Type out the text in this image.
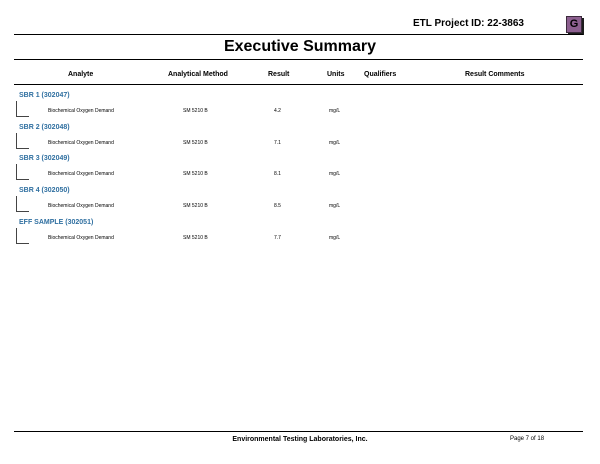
ETL Project ID: 22-3863	G
Executive Summary
Analyte	Analytical Method	Result	Units	Qualifiers	Result Comments
SBR 1 (302047)
Biochemical Oxygen Demand	SM 5210 B	4.2	mg/L
SBR 2 (302048)
Biochemical Oxygen Demand	SM 5210 B	7.1	mg/L
SBR 3 (302049)
Biochemical Oxygen Demand	SM 5210 B	8.1	mg/L
SBR 4 (302050)
Biochemical Oxygen Demand	SM 5210 B	8.5	mg/L
EFF SAMPLE (302051)
Biochemical Oxygen Demand	SM 5210 B	7.7	mg/L
Environmental Testing Laboratories, Inc.	Page 7 of 18
